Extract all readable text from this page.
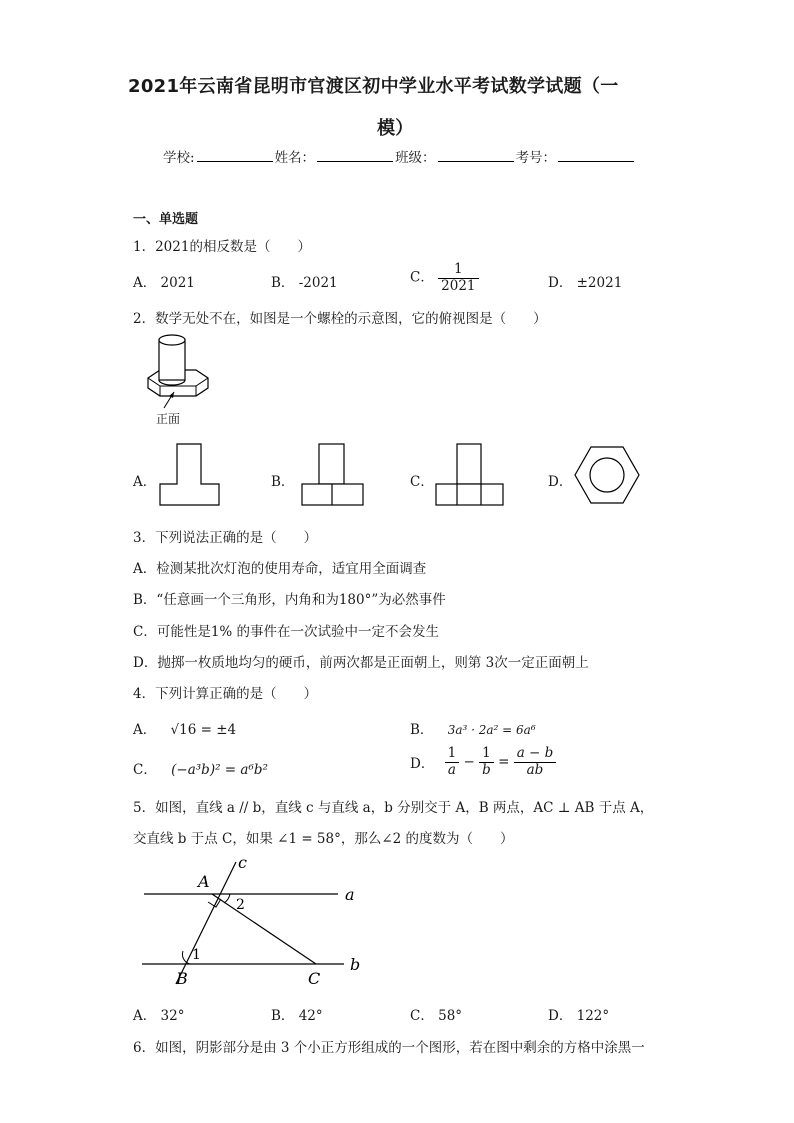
2021年云南省昆明市官渡区初中学业水平考试数学试题（一
模）
学校:	姓名：	班级：	考号：
一、单选题
1．2021的相反数是（　　）
A． 2021	B． -2021	C． $\frac{1}{2021}$	D． ±2021
2．数学无处不在，如图是一个螺栓的示意图，它的俯视图是（　　）
正面
A．	B．	C．	D．
3．下列说法正确的是（　　）
A．检测某批次灯泡的使用寿命，适宜用全面调查
B．“任意画一个三角形，内角和为180°”为必然事件
C．可能性是1% 的事件在一次试验中一定不会发生
D．抛掷一枚质地均匀的硬币，前两次都是正面朝上，则第 3次一定正面朝上
4．下列计算正确的是（　　）
A． √16 = ±4	B． 3a³ · 2a² = 6a⁶
C． (−a³b)² = a⁶b²	D． $\frac{1}{a} - \frac{1}{b} = \frac{a - b}{ab}$
5．如图，直线 a // b，直线 c 与直线 a，b 分别交于 A，B 两点，AC ⊥ AB 于点 A，
交直线 b 于点 C，如果 ∠1 = 58°，那么∠2 的度数为（　　）
c
a
b
A
B	C
1
2
A． 32°	B． 42°	C． 58°	D． 122°
6．如图，阴影部分是由 3 个小正方形组成的一个图形，若在图中剩余的方格中涂黑一
